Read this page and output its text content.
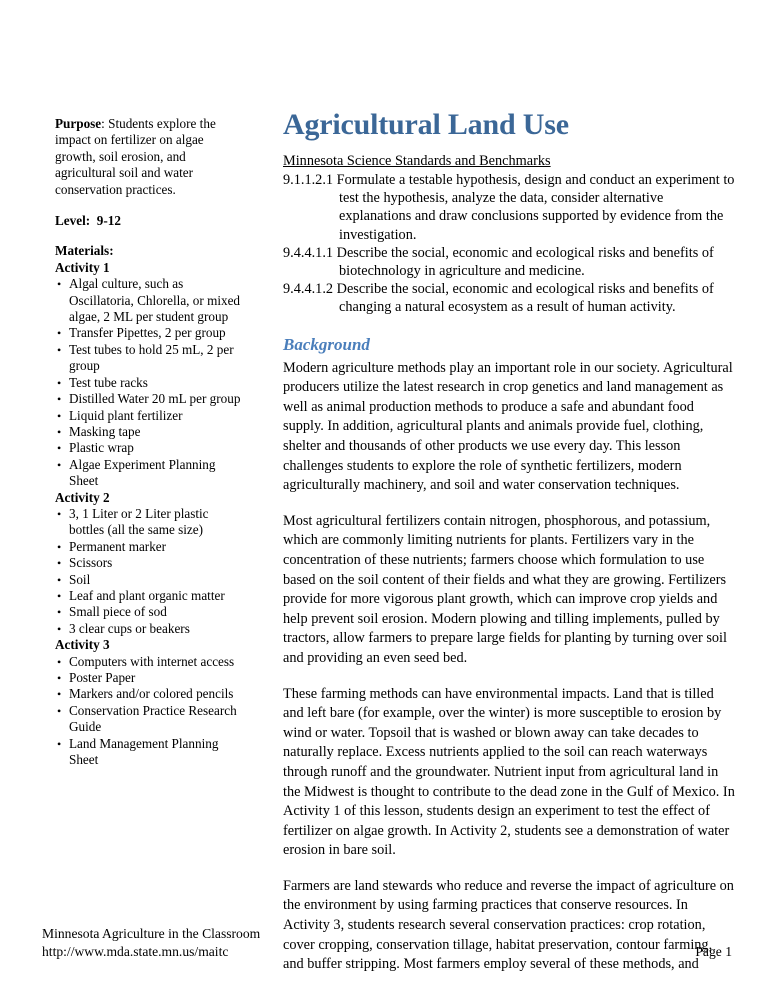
Purpose: Students explore the impact on fertilizer on algae growth, soil erosion, and agricultural soil and water conservation practices.

Level: 9-12

Materials:

Activity 1

• Algal culture, such as Oscillatoria, Chlorella, or mixed algae, 2 ML per student group
• Transfer Pipettes, 2 per group
• Test tubes to hold 25 mL, 2 per group
• Test tube racks
• Distilled Water 20 mL per group
• Liquid plant fertilizer
• Masking tape
• Plastic wrap
• Algae Experiment Planning Sheet

Activity 2

• 3, 1 Liter or 2 Liter plastic bottles (all the same size)
• Permanent marker
• Scissors
• Soil
• Leaf and plant organic matter
• Small piece of sod
• 3 clear cups or beakers

Activity 3

• Computers with internet access
• Poster Paper
• Markers and/or colored pencils
• Conservation Practice Research Guide
• Land Management Planning Sheet
Agricultural Land Use

Minnesota Science Standards and Benchmarks

9.1.1.2.1 Formulate a testable hypothesis, design and conduct an experiment to test the hypothesis, analyze the data, consider alternative explanations and draw conclusions supported by evidence from the investigation.
9.4.4.1.1 Describe the social, economic and ecological risks and benefits of biotechnology in agriculture and medicine.
9.4.4.1.2 Describe the social, economic and ecological risks and benefits of changing a natural ecosystem as a result of human activity.
Background

Modern agriculture methods play an important role in our society. Agricultural producers utilize the latest research in crop genetics and land management as well as animal production methods to produce a safe and abundant food supply. In addition, agricultural plants and animals provide fuel, clothing, shelter and thousands of other products we use every day. This lesson challenges students to explore the role of synthetic fertilizers, modern agriculturally machinery, and soil and water conservation techniques.

Most agricultural fertilizers contain nitrogen, phosphorous, and potassium, which are commonly limiting nutrients for plants. Fertilizers vary in the concentration of these nutrients; farmers choose which formulation to use based on the soil content of their fields and what they are growing. Fertilizers provide for more vigorous plant growth, which can improve crop yields and help prevent soil erosion. Modern plowing and tilling implements, pulled by tractors, allow farmers to prepare large fields for planting by turning over soil and providing an even seed bed.

These farming methods can have environmental impacts. Land that is tilled and left bare (for example, over the winter) is more susceptible to erosion by wind or water. Topsoil that is washed or blown away can take decades to naturally replace. Excess nutrients applied to the soil can reach waterways through runoff and the groundwater. Nutrient input from agricultural land in the Midwest is thought to contribute to the dead zone in the Gulf of Mexico. In Activity 1 of this lesson, students design an experiment to test the effect of fertilizer on algae growth. In Activity 2, students see a demonstration of water erosion in bare soil.

Farmers are land stewards who reduce and reverse the impact of agriculture on the environment by using farming practices that conserve resources. In Activity 3, students research several conservation practices: crop rotation, cover cropping, conservation tillage, habitat preservation, contour farming, and buffer stripping. Most farmers employ several of these methods, and

Minnesota Agriculture in the Classroom
http://www.mda.state.mn.us/maitc	Page 1
